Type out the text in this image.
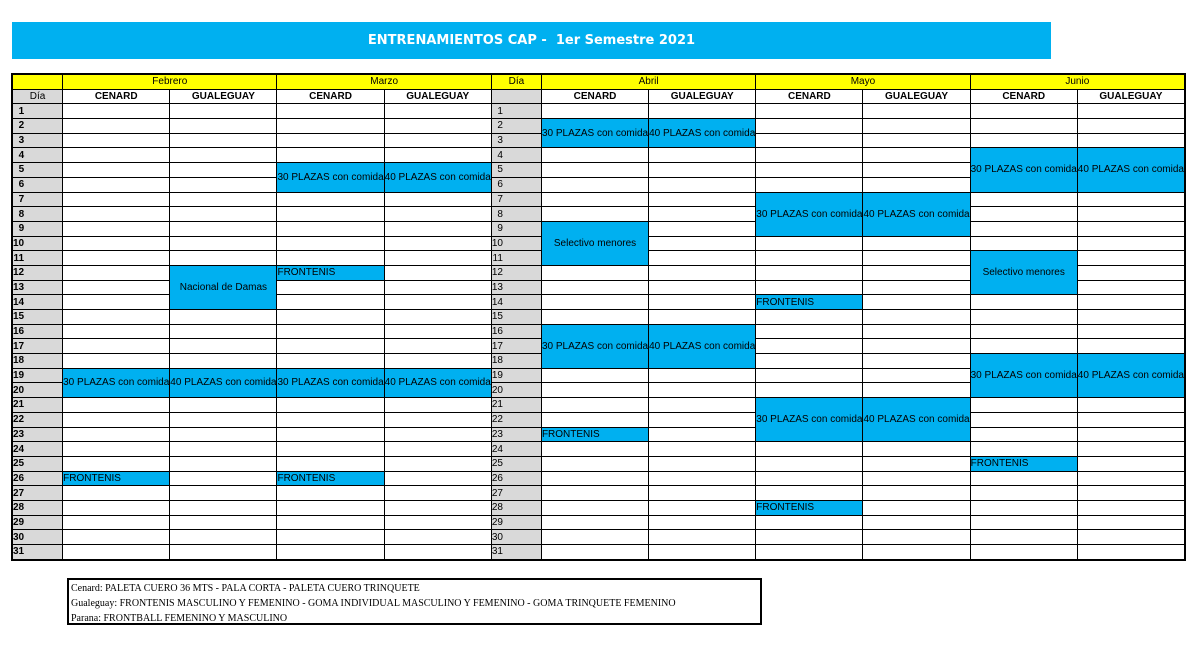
ENTRENAMIENTOS CAP -  1er Semestre 2021
	Febrero		Marzo		Día	Abril		Mayo		Junio	
Día	CENARD	GUALEGUAY	CENARD	GUALEGUAY		CENARD	GUALEGUAY	CENARD	GUALEGUAY	CENARD	GUALEGUAY
1					1						
2					2	30 PLAZAS con comida	40 PLAZAS con comida				
3					3						
4					4					30 PLAZAS con comida	40 PLAZAS con comida
5			30 PLAZAS con comida	40 PLAZAS con comida	5						
6					6						
7					7			30 PLAZAS con comida	40 PLAZAS con comida		
8					8						
9					9	Selectivo menores					
10					10						
11					11					Selectivo menores	
12		Nacional de Damas	FRONTENIS		12						
13					13						
14					14			FRONTENIS			
15					15						
16					16	30 PLAZAS con comida	40 PLAZAS con comida				
17					17						
18					18					30 PLAZAS con comida	40 PLAZAS con comida
19	30 PLAZAS con comida	40 PLAZAS con comida	30 PLAZAS con comida	40 PLAZAS con comida	19						
20					20						
21					21			30 PLAZAS con comida	40 PLAZAS con comida		
22					22						
23					23	FRONTENIS					
24					24						
25					25					FRONTENIS	
26	FRONTENIS		FRONTENIS		26						
27					27						
28					28			FRONTENIS			
29					29						
30					30						
31					31						
Cenard: PALETA CUERO 36 MTS - PALA CORTA - PALETA CUERO TRINQUETE
Gualeguay: FRONTENIS MASCULINO Y FEMENINO - GOMA INDIVIDUAL MASCULINO Y FEMENINO - GOMA TRINQUETE FEMENINO
Parana: FRONTBALL FEMENINO Y MASCULINO
